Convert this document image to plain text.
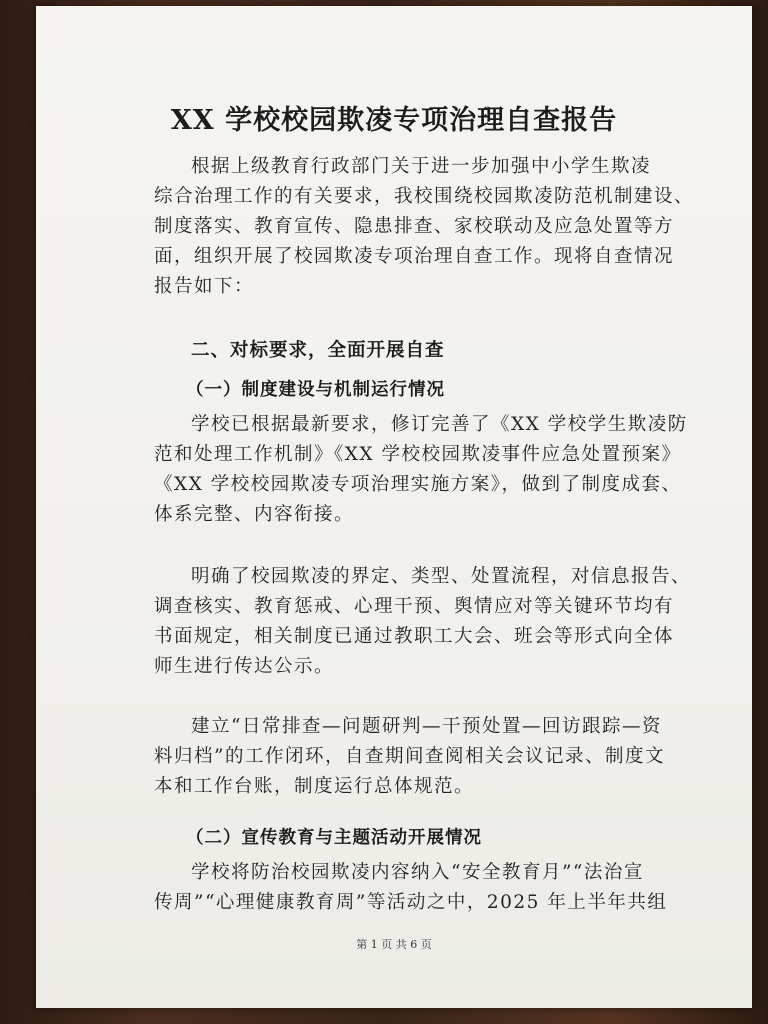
XX 学校校园欺凌专项治理自查报告
根据上级教育行政部门关于进一步加强中小学生欺凌
综合治理工作的有关要求，我校围绕校园欺凌防范机制建设、
制度落实、教育宣传、隐患排查、家校联动及应急处置等方
面，组织开展了校园欺凌专项治理自查工作。现将自查情况
报告如下：
二、对标要求，全面开展自查
（一）制度建设与机制运行情况
学校已根据最新要求，修订完善了《XX 学校学生欺凌防
范和处理工作机制》《XX 学校校园欺凌事件应急处置预案》
《XX 学校校园欺凌专项治理实施方案》，做到了制度成套、
体系完整、内容衔接。
明确了校园欺凌的界定、类型、处置流程，对信息报告、
调查核实、教育惩戒、心理干预、舆情应对等关键环节均有
书面规定，相关制度已通过教职工大会、班会等形式向全体
师生进行传达公示。
建立“日常排查—问题研判—干预处置—回访跟踪—资
料归档”的工作闭环，自查期间查阅相关会议记录、制度文
本和工作台账，制度运行总体规范。
（二）宣传教育与主题活动开展情况
学校将防治校园欺凌内容纳入“安全教育月”“法治宣
传周”“心理健康教育周”等活动之中，2025 年上半年共组
第 1 页 共 6 页
